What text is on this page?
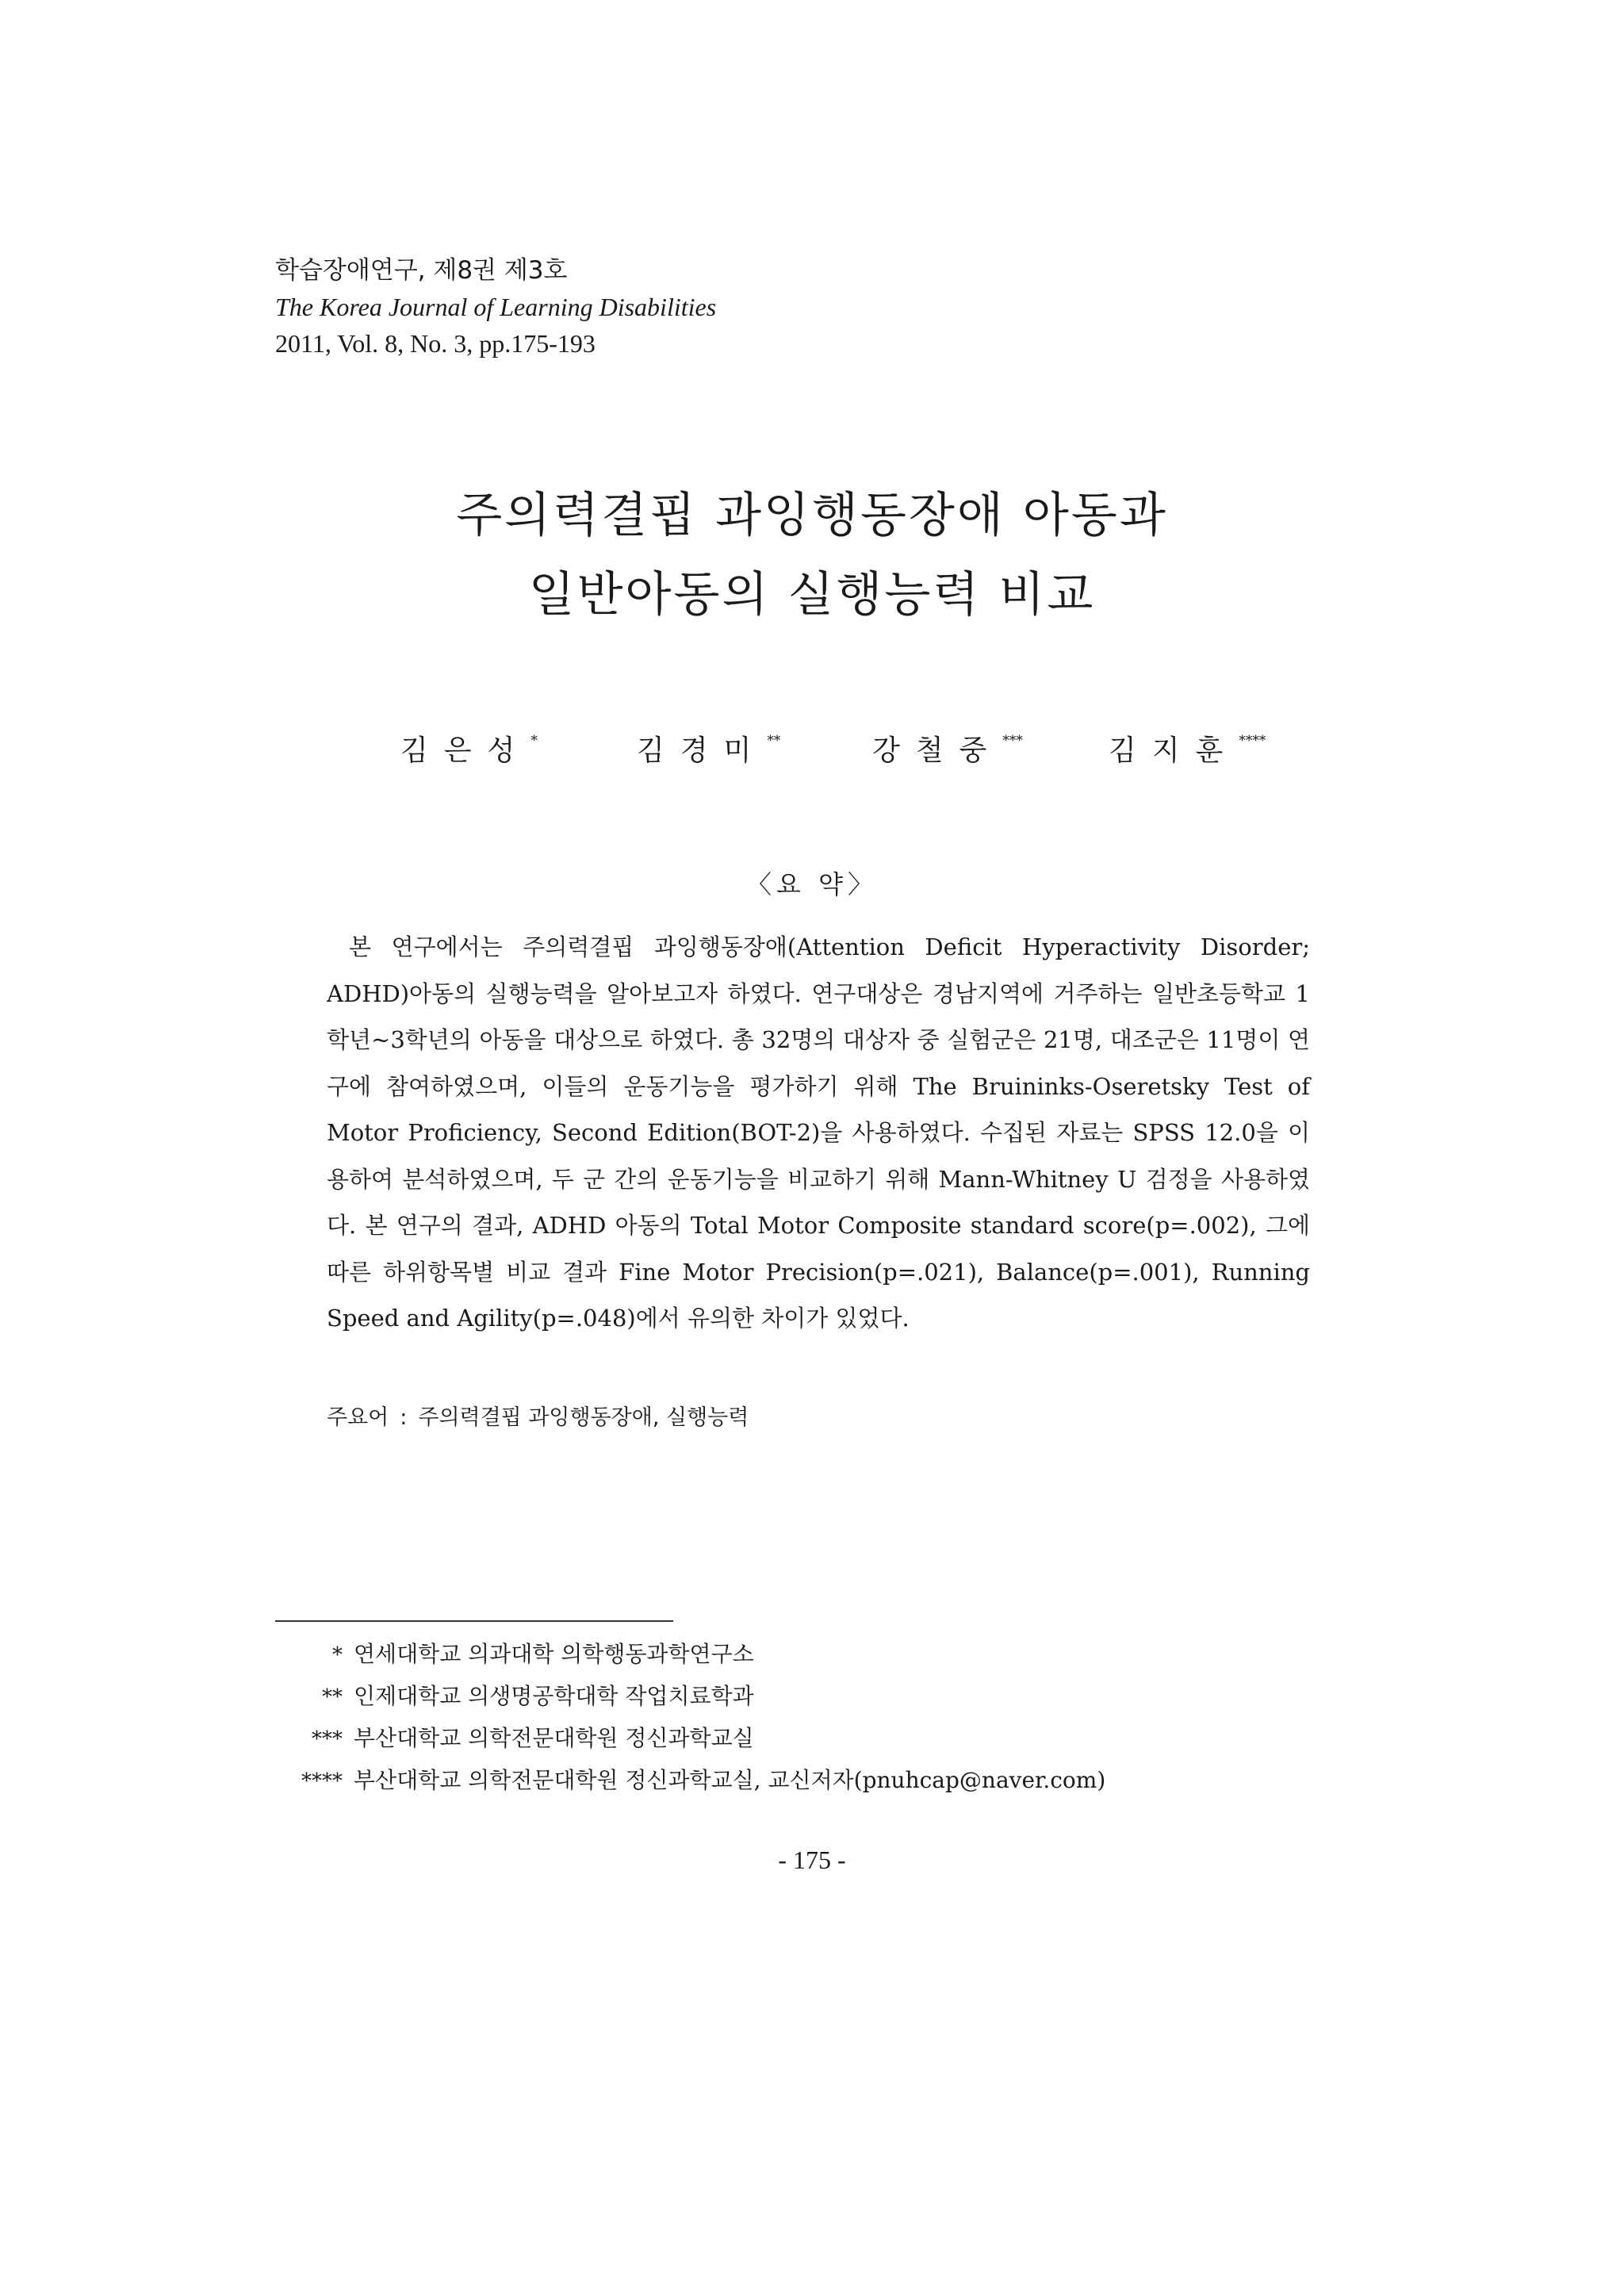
학습장애연구, 제8권 제3호
The Korea Journal of Learning Disabilities
2011, Vol. 8, No. 3, pp.175-193
주의력결핍 과잉행동장애 아동과
일반아동의 실행능력 비교
김은성*	김경미**	강철중***	김지훈****
〈요 약〉

본 연구에서는 주의력결핍 과잉행동장애(Attention Deficit Hyperactivity Disorder; ADHD)아동의 실행능력을 알아보고자 하였다. 연구대상은 경남지역에 거주하는 일반초등학교 1학년~3학년의 아동을 대상으로 하였다. 총 32명의 대상자 중 실험군은 21명, 대조군은 11명이 연구에 참여하였으며, 이들의 운동기능을 평가하기 위해 The Bruininks-Oseretsky Test of Motor Proficiency, Second Edition(BOT-2)을 사용하였다. 수집된 자료는 SPSS 12.0을 이용하여 분석하였으며, 두 군 간의 운동기능을 비교하기 위해 Mann-Whitney U 검정을 사용하였다. 본 연구의 결과, ADHD 아동의 Total Motor Composite standard score(p=.002), 그에 따른 하위항목별 비교 결과 Fine Motor Precision(p=.021), Balance(p=.001), Running Speed and Agility(p=.048)에서 유의한 차이가 있었다.

주요어 : 주의력결핍 과잉행동장애, 실행능력
* 연세대학교 의과대학 의학행동과학연구소
** 인제대학교 의생명공학대학 작업치료학과
*** 부산대학교 의학전문대학원 정신과학교실
**** 부산대학교 의학전문대학원 정신과학교실, 교신저자(pnuhcap@naver.com)
- 175 -
